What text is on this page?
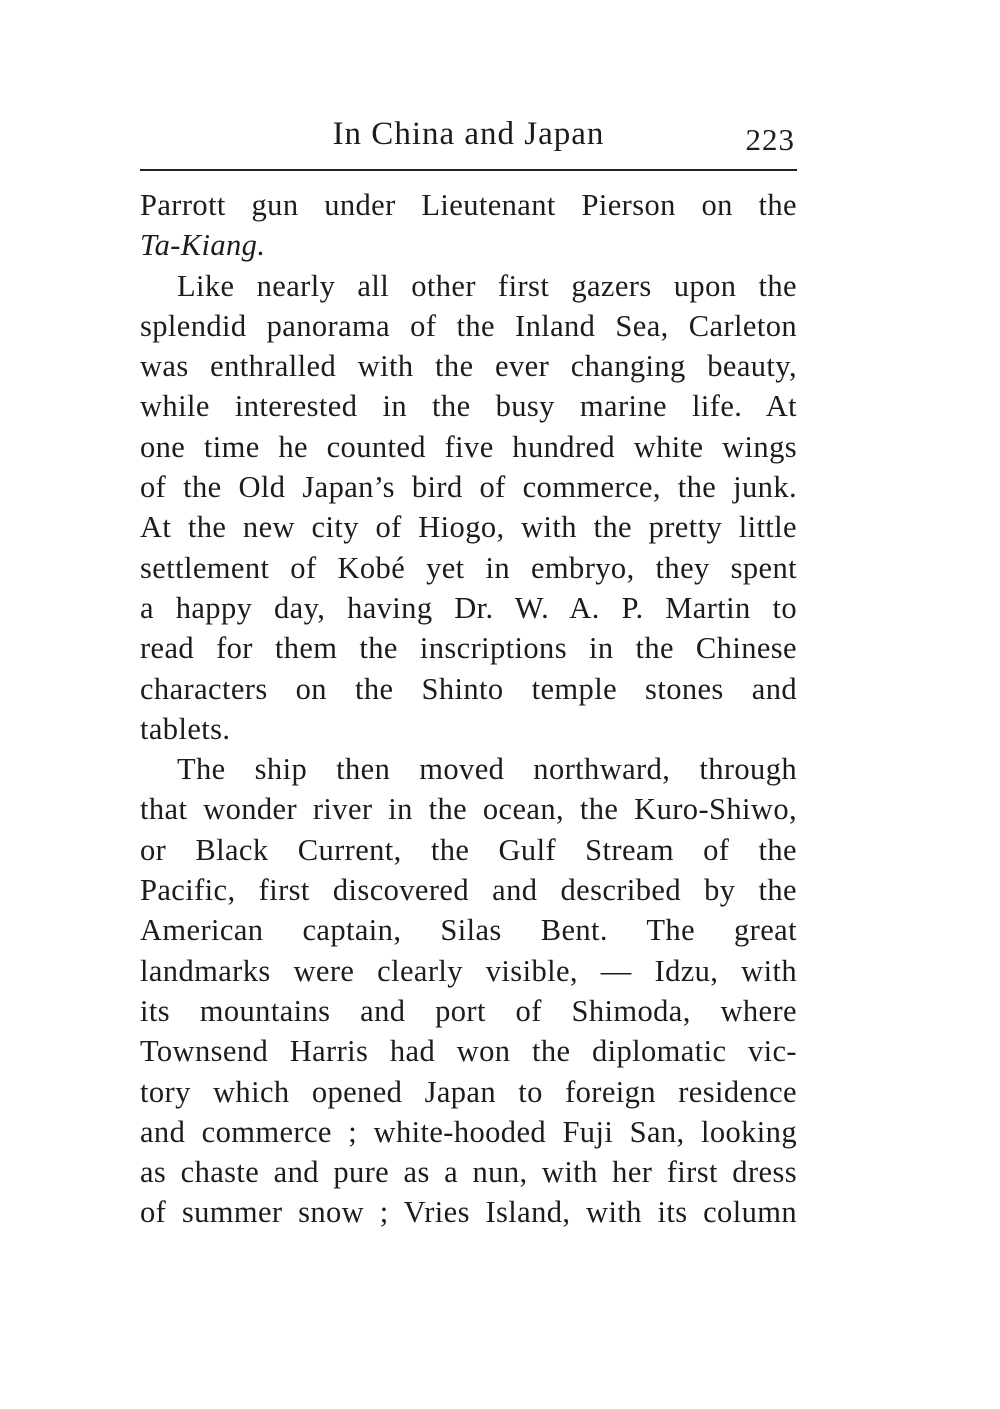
In China and Japan	223
Parrott gun under Lieutenant Pierson on the
Ta-Kiang.
Like nearly all other first gazers upon the
splendid panorama of the Inland Sea, Carleton
was enthralled with the ever changing beauty,
while interested in the busy marine life. At
one time he counted five hundred white wings
of the Old Japan’s bird of commerce, the junk.
At the new city of Hiogo, with the pretty little
settlement of Kobé yet in embryo, they spent
a happy day, having Dr. W. A. P. Martin to
read for them the inscriptions in the Chinese
characters on the Shinto temple stones and
tablets.
The ship then moved northward, through
that wonder river in the ocean, the Kuro-Shiwo,
or Black Current, the Gulf Stream of the
Pacific, first discovered and described by the
American captain, Silas Bent. The great
landmarks were clearly visible, — Idzu, with
its mountains and port of Shimoda, where
Townsend Harris had won the diplomatic vic-
tory which opened Japan to foreign residence
and commerce ; white-hooded Fuji San, looking
as chaste and pure as a nun, with her first dress
of summer snow ; Vries Island, with its column
